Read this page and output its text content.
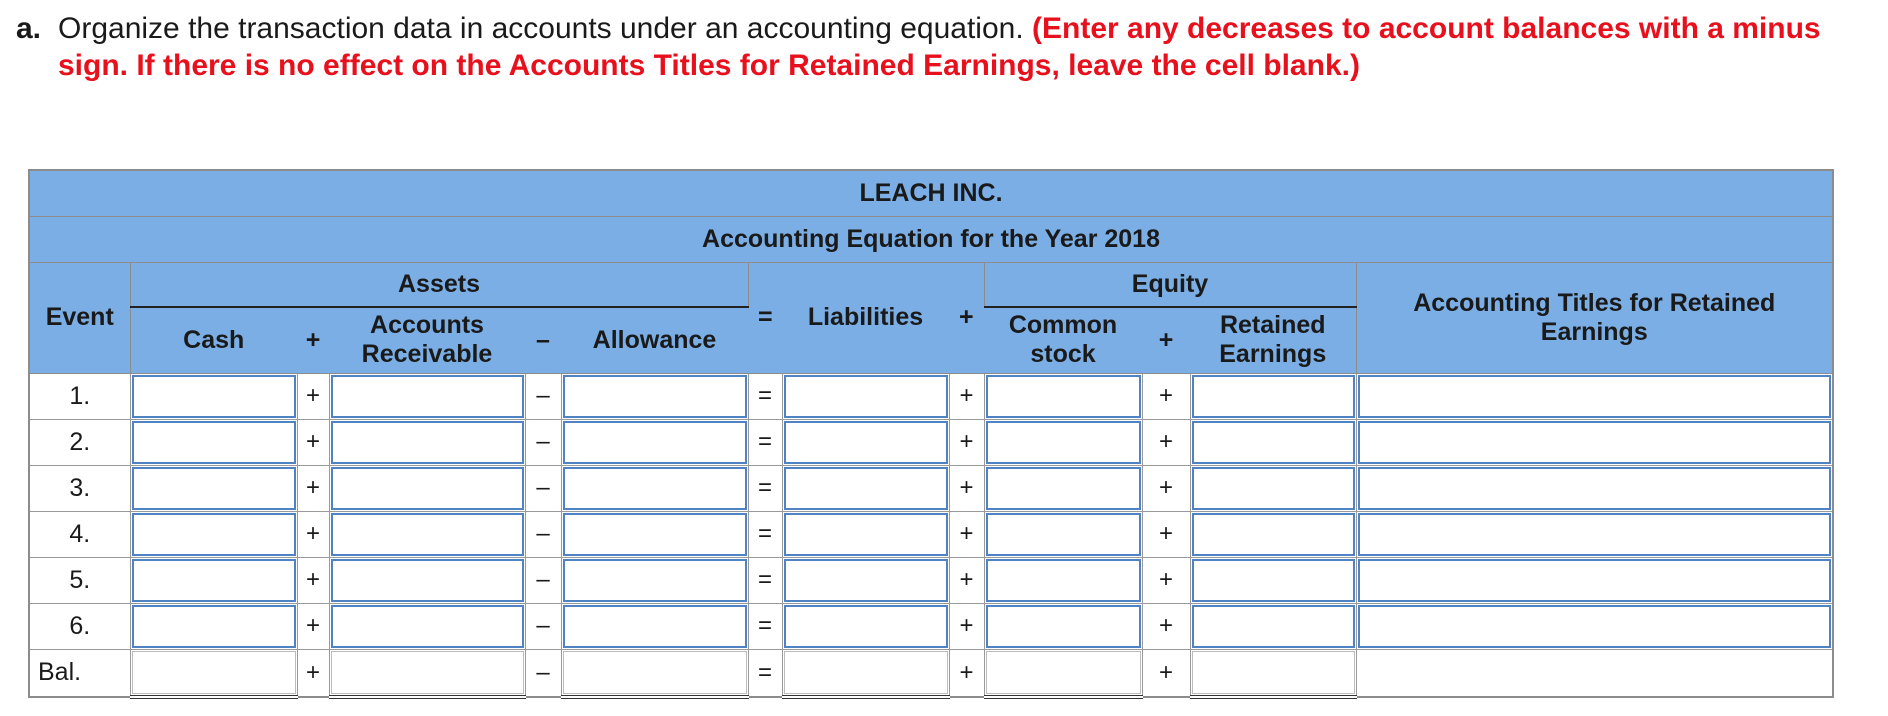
a. Organize the transaction data in accounts under an accounting equation. (Enter any decreases to account balances with a minus
sign. If there is no effect on the Accounts Titles for Retained Earnings, leave the cell blank.)
LEACH INC.												
Accounting Equation for the Year 2018												
Event	Assets					=	Liabilities	+	Equity			Accounting Titles for Retained
Earnings
	Cash	+	Accounts
Receivable	–	Allowance				Common
stock	+	Retained
Earnings	
1.		+		–		=		+		+	

2.		+		–		=		+		+	

3.		+		–		=		+		+	

4.		+		–		=		+		+	

5.		+		–		=		+		+	

6.		+		–		=		+		+	

Bal.		+		–		=		+		+	
